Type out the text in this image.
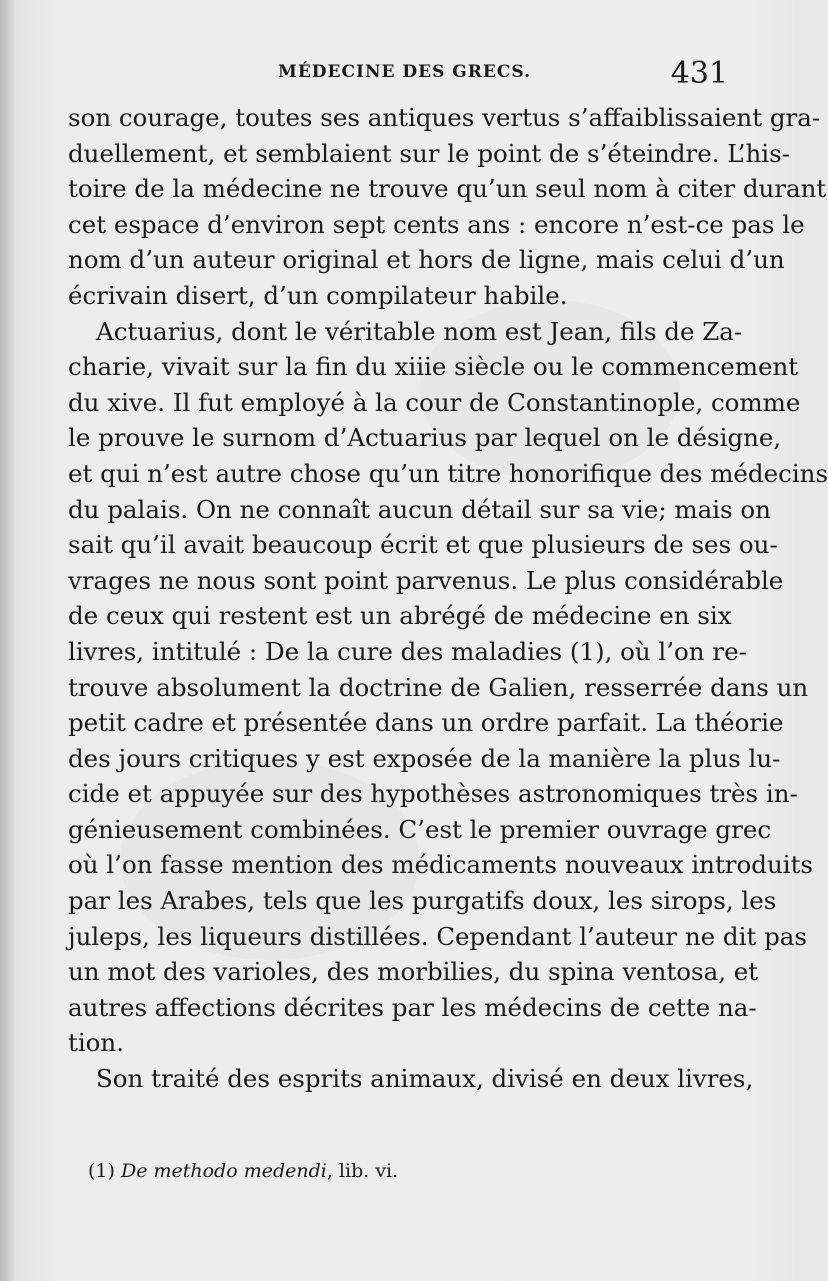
MÉDECINE DES GRECS.	431
son courage, toutes ses antiques vertus s’affaiblissaient gra-
duellement, et semblaient sur le point de s’éteindre. L’his-
toire de la médecine ne trouve qu’un seul nom à citer durant
cet espace d’environ sept cents ans : encore n’est-ce pas le
nom d’un auteur original et hors de ligne, mais celui d’un
écrivain disert, d’un compilateur habile.
Actuarius, dont le véritable nom est Jean, fils de Za-
charie, vivait sur la fin du xiiie siècle ou le commencement
du xive. Il fut employé à la cour de Constantinople, comme
le prouve le surnom d’Actuarius par lequel on le désigne,
et qui n’est autre chose qu’un titre honorifique des médecins
du palais. On ne connaît aucun détail sur sa vie; mais on
sait qu’il avait beaucoup écrit et que plusieurs de ses ou-
vrages ne nous sont point parvenus. Le plus considérable
de ceux qui restent est un abrégé de médecine en six
livres, intitulé : De la cure des maladies (1), où l’on re-
trouve absolument la doctrine de Galien, resserrée dans un
petit cadre et présentée dans un ordre parfait. La théorie
des jours critiques y est exposée de la manière la plus lu-
cide et appuyée sur des hypothèses astronomiques très in-
génieusement combinées. C’est le premier ouvrage grec
où l’on fasse mention des médicaments nouveaux introduits
par les Arabes, tels que les purgatifs doux, les sirops, les
juleps, les liqueurs distillées. Cependant l’auteur ne dit pas
un mot des varioles, des morbilies, du spina ventosa, et
autres affections décrites par les médecins de cette na-
tion.
Son traité des esprits animaux, divisé en deux livres,
(1) De methodo medendi, lib. vi.
